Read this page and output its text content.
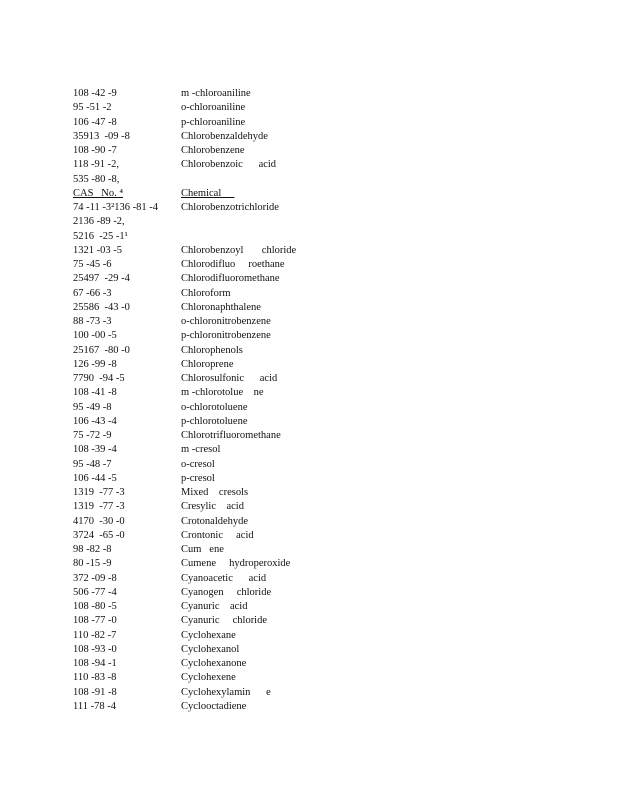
108 -42 -9	m -chloroaniline
95 -51 -2	o-chloroaniline
106 -47 -8	p-chloroaniline
35913  -09 -8	Chlorobenzaldehyde
108 -90 -7	Chlorobenzene
118 -91 -2,	Chlorobenzoic      acid
535 -80 -8,
CAS   No. ⁴	Chemical
74 -11 -3²136 -81 -4 Chlorobenzotrichloride
2136 -89 -2,
5216  -25 -1¹
1321 -03 -5	Chlorobenzoyl       chloride
75 -45 -6	Chlorodifluo     roethane
25497  -29 -4	Chlorodifluoromethane
67 -66 -3	Chloroform
25586  -43 -0	Chloronaphthalene
88 -73 -3	o-chloronitrobenzene
100 -00 -5	p-chloronitrobenzene
25167  -80 -0	Chlorophenols
126 -99 -8	Chloroprene
7790  -94 -5	Chlorosulfonic      acid
108 -41 -8	m -chlorotolue    ne
95 -49 -8	o-chlorotoluene
106 -43 -4	p-chlorotoluene
75 -72 -9	Chlorotrifluoromethane
108 -39 -4	m -cresol
95 -48 -7	o-cresol
106 -44 -5	p-cresol
1319  -77 -3	Mixed    cresols
1319  -77 -3	Cresylic    acid
4170  -30 -0	Crotonaldehyde
3724  -65 -0	Crontonic     acid
98 -82 -8	Cum   ene
80 -15 -9	Cumene     hydroperoxide
372 -09 -8	Cyanoacetic      acid
506 -77 -4	Cyanogen     chloride
108 -80 -5	Cyanuric    acid
108 -77 -0	Cyanuric     chloride
110 -82 -7	Cyclohexane
108 -93 -0	Cyclohexanol
108 -94 -1	Cyclohexanone
110 -83 -8	Cyclohexene
108 -91 -8	Cyclohexylamin      e
111 -78 -4	Cyclooctadiene
